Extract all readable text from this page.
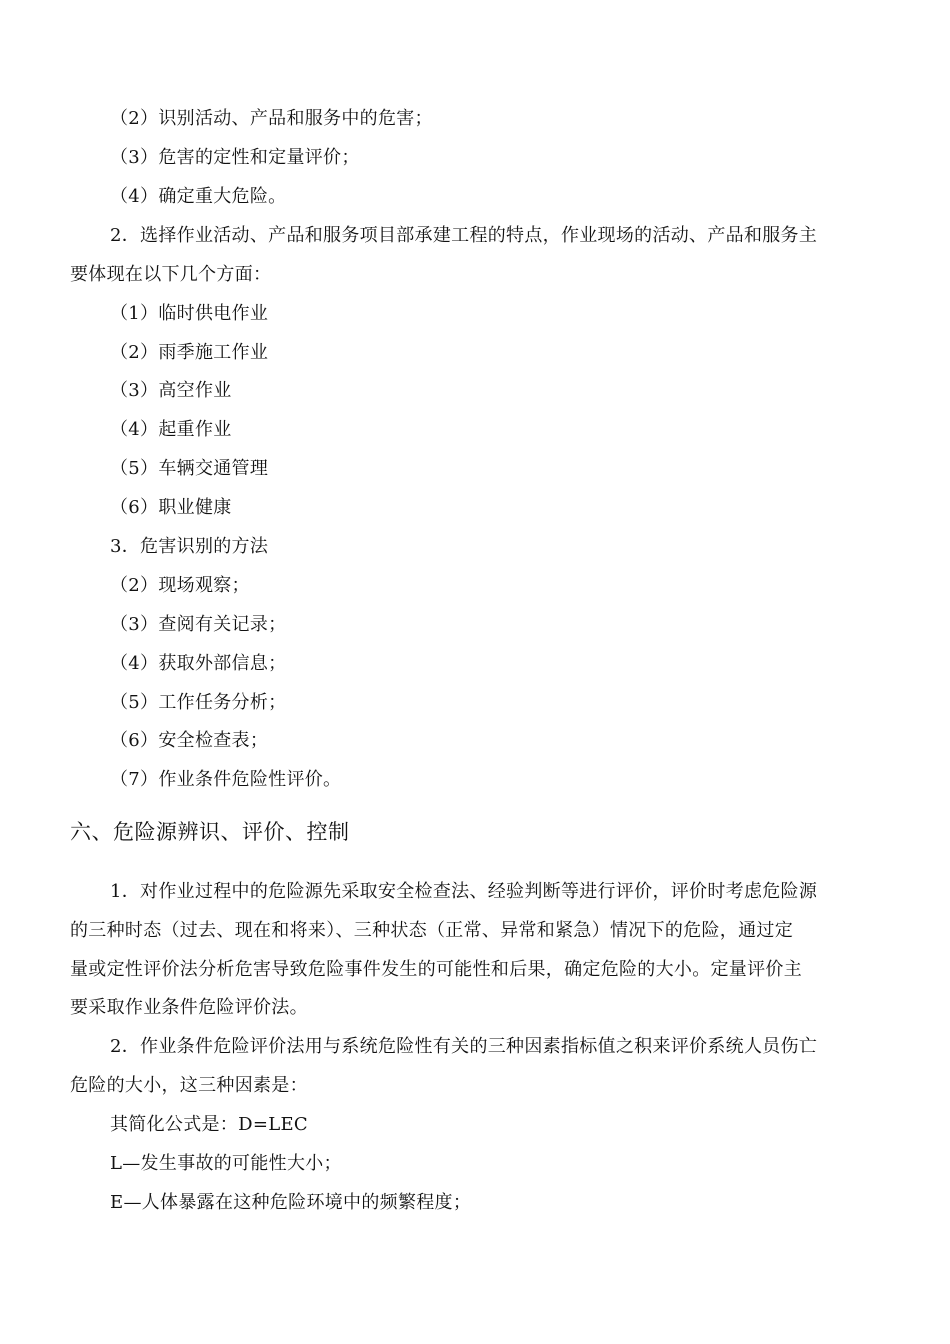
（2）识别活动、产品和服务中的危害；
（3）危害的定性和定量评价；
（4）确定重大危险。
2．选择作业活动、产品和服务项目部承建工程的特点，作业现场的活动、产品和服务主
要体现在以下几个方面：
（1）临时供电作业
（2）雨季施工作业
（3）高空作业
（4）起重作业
（5）车辆交通管理
（6）职业健康
3．危害识别的方法
（2）现场观察；
（3）查阅有关记录；
（4）获取外部信息；
（5）工作任务分析；
（6）安全检查表；
（7）作业条件危险性评价。
六、危险源辨识、评价、控制
1．对作业过程中的危险源先采取安全检查法、经验判断等进行评价，评价时考虑危险源
的三种时态（过去、现在和将来）、三种状态（正常、异常和紧急）情况下的危险，通过定
量或定性评价法分析危害导致危险事件发生的可能性和后果，确定危险的大小。定量评价主
要采取作业条件危险评价法。
2．作业条件危险评价法用与系统危险性有关的三种因素指标值之积来评价系统人员伤亡
危险的大小，这三种因素是：
其简化公式是：D=LEC
L—发生事故的可能性大小；
E—人体暴露在这种危险环境中的频繁程度；
